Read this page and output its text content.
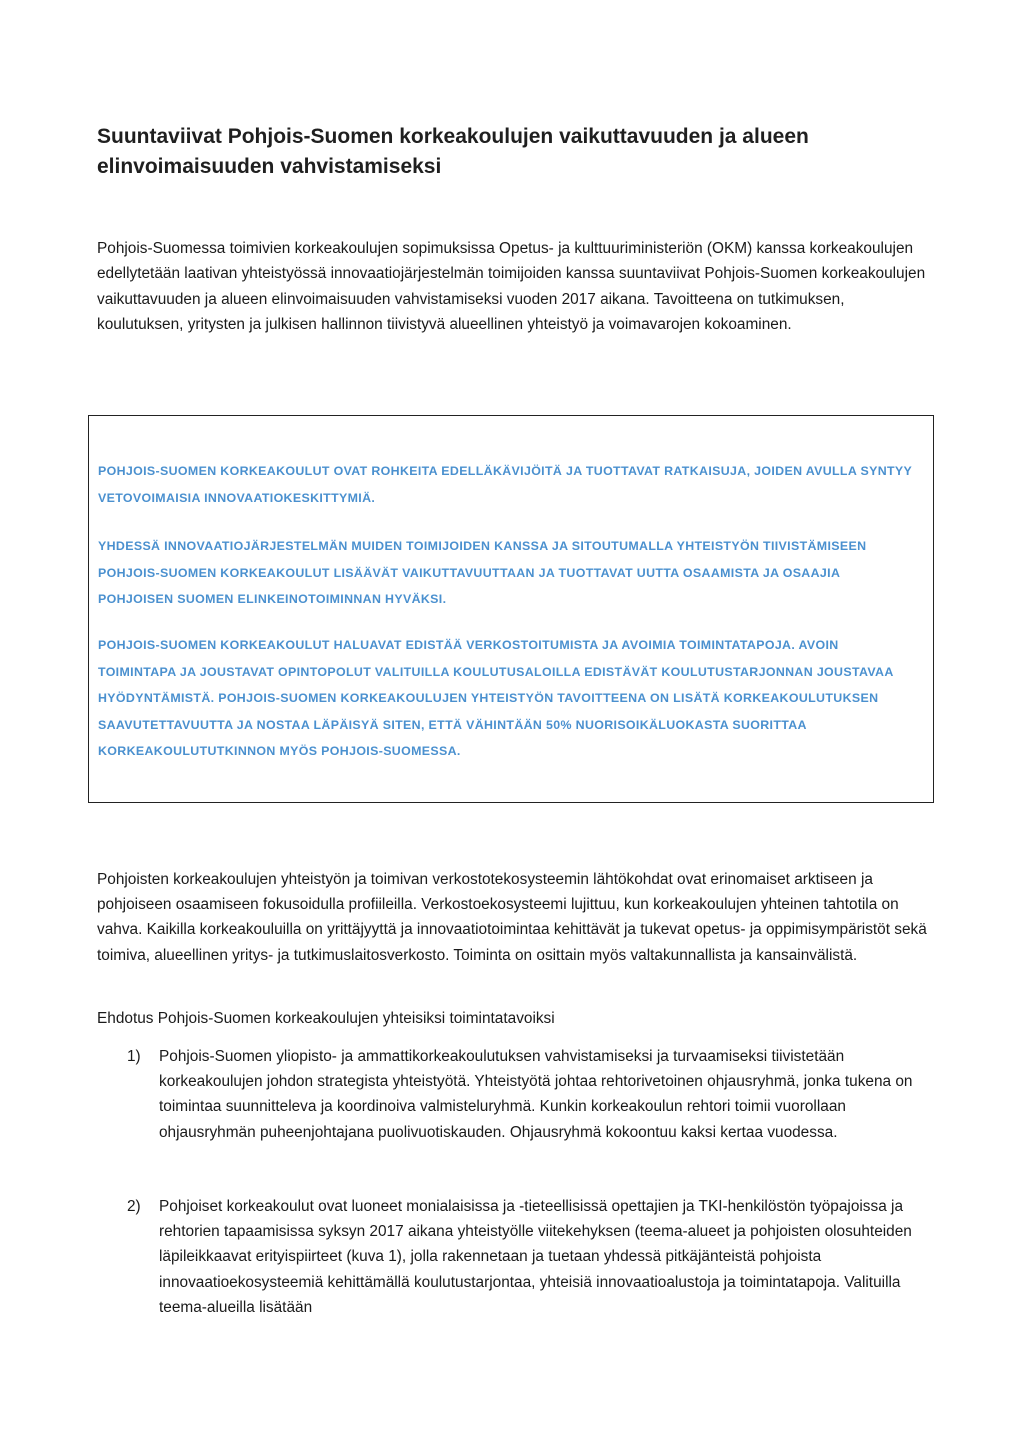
Suuntaviivat Pohjois-Suomen korkeakoulujen vaikuttavuuden ja alueen elinvoimaisuuden vahvistamiseksi

Pohjois-Suomessa toimivien korkeakoulujen sopimuksissa Opetus- ja kulttuuriministeriön (OKM) kanssa korkeakoulujen edellytetään laativan yhteistyössä innovaatiojärjestelmän toimijoiden kanssa suuntaviivat Pohjois-Suomen korkeakoulujen vaikuttavuuden ja alueen elinvoimaisuuden vahvistamiseksi vuoden 2017 aikana. Tavoitteena on tutkimuksen, koulutuksen, yritysten ja julkisen hallinnon tiivistyvä alueellinen yhteistyö ja voimavarojen kokoaminen.

POHJOIS-SUOMEN KORKEAKOULUT OVAT ROHKEITA EDELLÄKÄVIJÖITÄ JA TUOTTAVAT RATKAISUJA, JOIDEN AVULLA SYNTYY VETOVOIMAISIA INNOVAATIOKESKITTYMIÄ.

YHDESSÄ INNOVAATIOJÄRJESTELMÄN MUIDEN TOIMIJOIDEN KANSSA JA SITOUTUMALLA YHTEISTYÖN TIIVISTÄMISEEN POHJOIS-SUOMEN KORKEAKOULUT LISÄÄVÄT VAIKUTTAVUUTTAAN JA TUOTTAVAT UUTTA OSAAMISTA JA OSAAJIA POHJOISEN SUOMEN ELINKEINOTOIMINNAN HYVÄKSI.

POHJOIS-SUOMEN KORKEAKOULUT HALUAVAT EDISTÄÄ VERKOSTOITUMISTA JA AVOIMIA TOIMINTATAPOJA. AVOIN TOIMINTAPA JA JOUSTAVAT OPINTOPOLUT VALITUILLA KOULUTUSALOILLA EDISTÄVÄT KOULUTUSTARJONNAN JOUSTAVAA HYÖDYNTÄMISTÄ. POHJOIS-SUOMEN KORKEAKOULUJEN YHTEISTYÖN TAVOITTEENA ON LISÄTÄ KORKEAKOULUTUKSEN SAAVUTETTAVUUTTA JA NOSTAA LÄPÄISYÄ SITEN, ETTÄ VÄHINTÄÄN 50% NUORISOIKÄLUOKASTA SUORITTAA KORKEAKOULUTUTKINNON MYÖS POHJOIS-SUOMESSA.

Pohjoisten korkeakoulujen yhteistyön ja toimivan verkostotekosysteemin lähtökohdat ovat erinomaiset arktiseen ja pohjoiseen osaamiseen fokusoidulla profiileilla. Verkostoekosysteemi lujittuu, kun korkeakoulujen yhteinen tahtotila on vahva. Kaikilla korkeakouluilla on yrittäjyyttä ja innovaatiotoimintaa kehittävät ja tukevat opetus- ja oppimisympäristöt sekä toimiva, alueellinen yritys- ja tutkimuslaitosverkosto. Toiminta on osittain myös valtakunnallista ja kansainvälistä.

Ehdotus Pohjois-Suomen korkeakoulujen yhteisiksi toimintatavoiksi

1) Pohjois-Suomen yliopisto- ja ammattikorkeakoulutuksen vahvistamiseksi ja turvaamiseksi tiivistetään korkeakoulujen johdon strategista yhteistyötä. Yhteistyötä johtaa rehtorivetoinen ohjausryhmä, jonka tukena on toimintaa suunnitteleva ja koordinoiva valmisteluryhmä. Kunkin korkeakoulun rehtori toimii vuorollaan ohjausryhmän puheenjohtajana puolivuotiskauden. Ohjausryhmä kokoontuu kaksi kertaa vuodessa.
2) Pohjoiset korkeakoulut ovat luoneet monialaisissa ja -tieteellisissä opettajien ja TKI-henkilöstön työpajoissa ja rehtorien tapaamisissa syksyn 2017 aikana yhteistyölle viitekehyksen (teema-alueet ja pohjoisten olosuhteiden läpileikkaavat erityispiirteet (kuva 1), jolla rakennetaan ja tuetaan yhdessä pitkäjänteistä pohjoista innovaatioekosysteemiä kehittämällä koulutustarjontaa, yhteisiä innovaatioalustoja ja toimintatapoja. Valituilla teema-alueilla lisätään
